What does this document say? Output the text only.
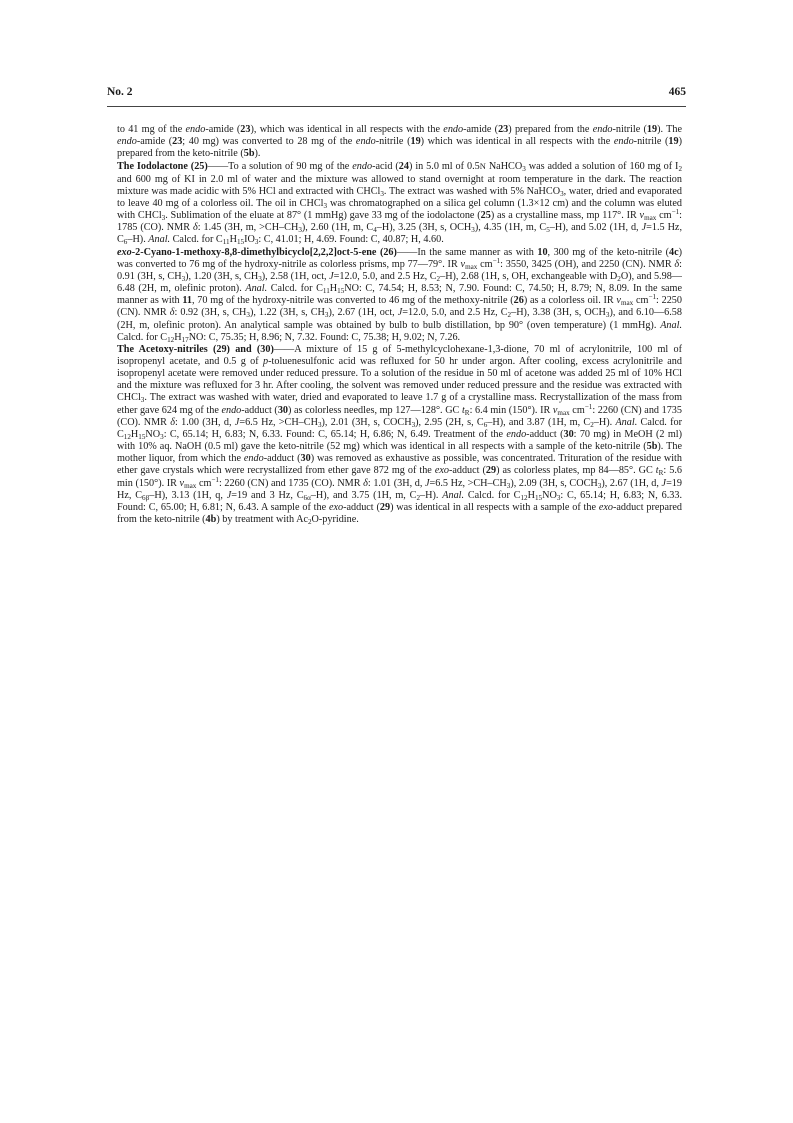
No. 2	465

to 41 mg of the endo-amide (23), which was identical in all respects with the endo-amide (23) prepared from the endo-nitrile (19). The endo-amide (23; 40 mg) was converted to 28 mg of the endo-nitrile (19) which was identical in all respects with the endo-nitrile (19) prepared from the keto-nitrile (5b).

The Iodolactone (25)——To a solution of 90 mg of the endo-acid (24) in 5.0 ml of 0.5N NaHCO$_3$ was added a solution of 160 mg of $I_2$ and 600 mg of KI in 2.0 ml of water and the mixture was allowed to stand overnight at room temperature in the dark. The reaction mixture was made acidic with 5% HCl and extracted with CHCl$_3$. The extract was washed with 5% NaHCO$_3$, water, dried and evaporated to leave 40 mg of a colorless oil. The oil in CHCl$_3$ was chromatographed on a silica gel column (1.3×12 cm) and the column was eluted with CHCl$_3$. Sublimation of the eluate at 87° (1 mmHg) gave 33 mg of the iodolactone (25) as a crystalline mass, mp 117°. IR $\nu_{max}$ $cm^{-1}$: 1785 (CO). NMR δ: 1.45 (3H, m, $>CH-CH_3$), 2.60 (1H, m, $C_4-H$), 3.25 (3H, s, $OCH_3$), 4.35 (1H, m, $C_5-H$), and 5.02 (1H, d, J=1.5 Hz, $C_6-H$). Anal. Calcd. for $C_{11}H_{15}IO_3$: C, 41.01; H, 4.69. Found: C, 40.87; H, 4.60.

exo-2-Cyano-1-methoxy-8,8-dimethylbicyclo[2,2,2]oct-5-ene (26)——In the same manner as with 10, 300 mg of the keto-nitrile (4c) was converted to 76 mg of the hydroxy-nitrile as colorless prisms, mp 77—79°. IR $\nu_{max}$ $cm^{-1}$: 3550, 3425 (OH), and 2250 (CN). NMR δ: 0.91 (3H, s, $CH_3$), 1.20 (3H, s, $CH_3$), 2.58 (1H, oct, J=12.0, 5.0, and 2.5 Hz, $C_2-H$), 2.68 (1H, s, OH, exchangeable with $D_2O$), and 5.98—6.48 (2H, m, olefinic proton). Anal. Calcd. for $C_{11}H_{15}NO$: C, 74.54; H, 8.53; N, 7.90. Found: C, 74.50; H, 8.79; N, 8.09. In the same manner as with 11, 70 mg of the hydroxy-nitrile was converted to 46 mg of the methoxy-nitrile (26) as a colorless oil. IR $\nu_{max}$ $cm^{-1}$: 2250 (CN). NMR δ: 0.92 (3H, s, $CH_3$), 1.22 (3H, s, $CH_3$), 2.67 (1H, oct, J=12.0, 5.0, and 2.5 Hz, $C_2-H$), 3.38 (3H, s, $OCH_3$), and 6.10—6.58 (2H, m, olefinic proton). An analytical sample was obtained by bulb to bulb distillation, bp 90° (oven temperature) (1 mmHg). Anal. Calcd. for $C_{12}H_{17}NO$: C, 75.35; H, 8.96; N, 7.32. Found: C, 75.38; H, 9.02; N, 7.26.

The Acetoxy-nitriles (29) and (30)——A mixture of 15 g of 5-methylcyclohexane-1,3-dione, 70 ml of acrylonitrile, 100 ml of isopropenyl acetate, and 0.5 g of p-toluenesulfonic acid was refluxed for 50 hr under argon. After cooling, excess acrylonitrile and isopropenyl acetate were removed under reduced pressure. To a solution of the residue in 50 ml of acetone was added 25 ml of 10% HCl and the mixture was refluxed for 3 hr. After cooling, the solvent was removed under reduced pressure and the residue was extracted with CHCl$_3$. The extract was washed with water, dried and evaporated to leave 1.7 g of a crystalline mass. Recrystallization of the mass from ether gave 624 mg of the endo-adduct (30) as colorless needles, mp 127—128°. GC $t_R$: 6.4 min (150°). IR $\nu_{max}$ $cm^{-1}$: 2260 (CN) and 1735 (CO). NMR δ: 1.00 (3H, d, J=6.5 Hz, $>CH-CH_3$), 2.01 (3H, s, $COCH_3$), 2.95 (2H, s, $C_6-H$), and 3.87 (1H, m, $C_2-H$). Anal. Calcd. for $C_{12}H_{15}NO_3$: C, 65.14; H, 6.83; N, 6.33. Found: C, 65.14; H, 6.86; N, 6.49. Treatment of the endo-adduct (30: 70 mg) in MeOH (2 ml) with 10% aq. NaOH (0.5 ml) gave the keto-nitrile (52 mg) which was identical in all respects with a sample of the keto-nitrile (5b). The mother liquor, from which the endo-adduct (30) was removed as exhaustive as possible, was concentrated. Trituration of the residue with ether gave crystals which were recrystallized from ether gave 872 mg of the exo-adduct (29) as colorless plates, mp 84—85°. GC $t_R$: 5.6 min (150°). IR $\nu_{max}$ $cm^{-1}$: 2260 (CN) and 1735 (CO). NMR δ: 1.01 (3H, d, J=6.5 Hz, $>CH-CH_3$), 2.09 (3H, s, $COCH_3$), 2.67 (1H, d, J=19 Hz, $C_{6\beta}-H$), 3.13 (1H, q, J=19 and 3 Hz, $C_{6\alpha}-H$), and 3.75 (1H, m, $C_2-H$). Anal. Calcd. for $C_{12}H_{15}NO_3$: C, 65.14; H, 6.83; N, 6.33. Found: C, 65.00; H, 6.81; N, 6.43. A sample of the exo-adduct (29) was identical in all respects with a sample of the exo-adduct prepared from the keto-nitrile (4b) by treatment with $Ac_2O$-pyridine.
